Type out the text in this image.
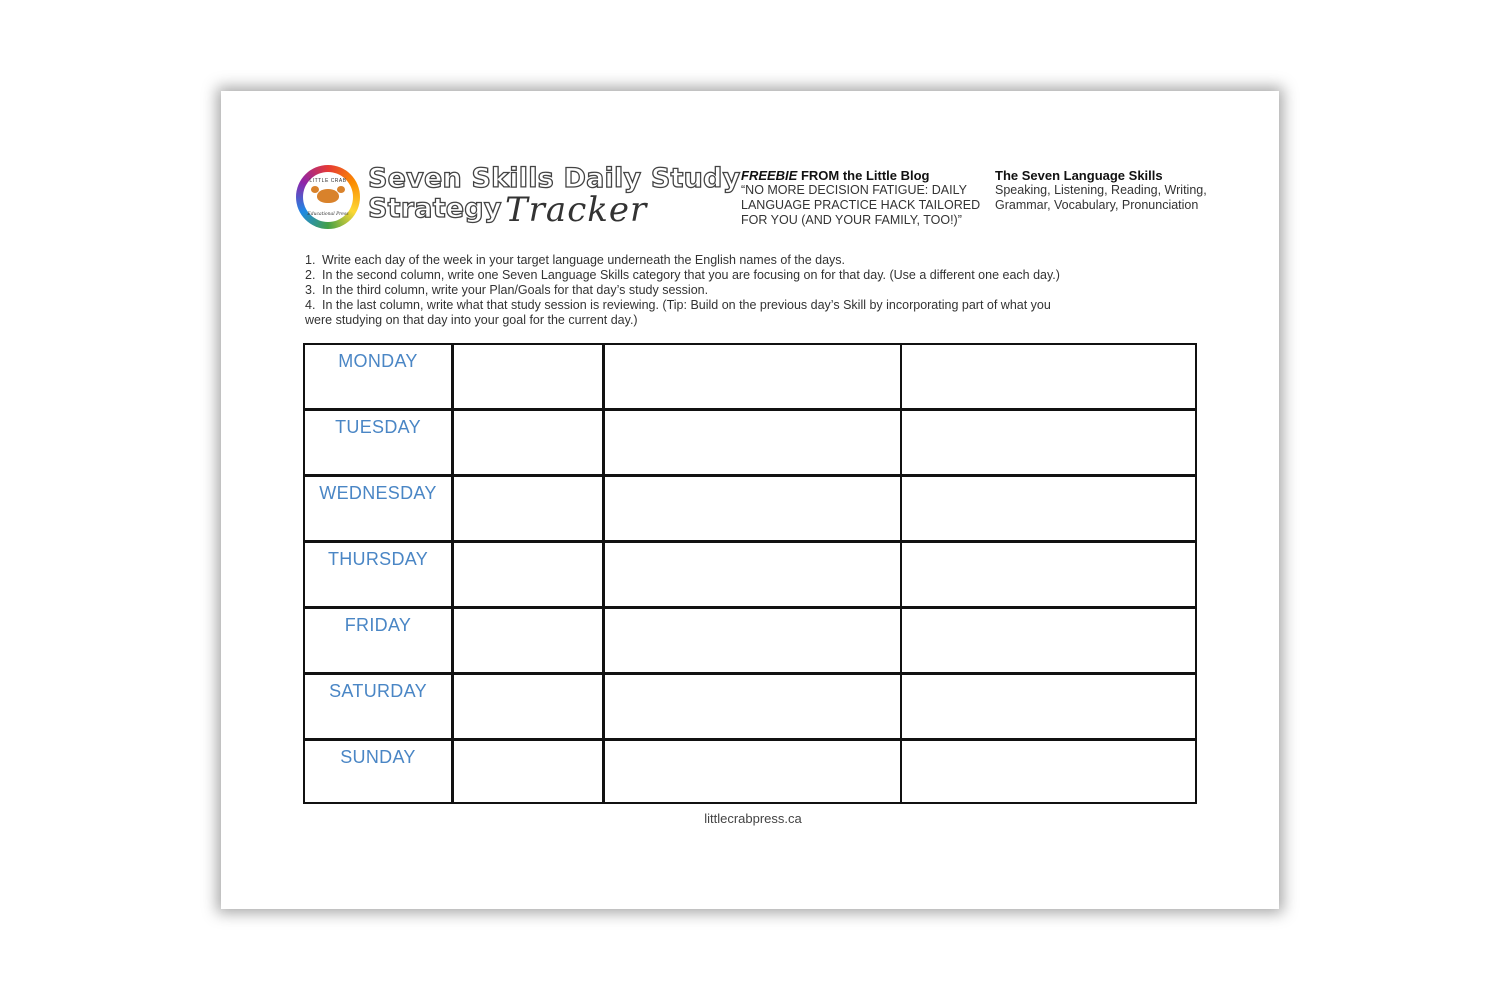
LITTLE CRAB
Educational Press
Seven Skills Daily Study
Strategy Tracker
FREEBIE FROM the Little Blog
“NO MORE DECISION FATIGUE: DAILY LANGUAGE PRACTICE HACK TAILORED FOR YOU (AND YOUR FAMILY, TOO!)”
The Seven Language Skills
Speaking, Listening, Reading, Writing, Grammar, Vocabulary, Pronunciation
1. Write each day of the week in your target language underneath the English names of the days.
2. In the second column, write one Seven Language Skills category that you are focusing on for that day. (Use a different one each day.)
3. In the third column, write your Plan/Goals for that day’s study session.
4. In the last column, write what that study session is reviewing. (Tip: Build on the previous day’s Skill by incorporating part of what you
were studying on that day into your goal for the current day.)
MONDAY
TUESDAY
WEDNESDAY
THURSDAY
FRIDAY
SATURDAY
SUNDAY
littlecrabpress.ca
